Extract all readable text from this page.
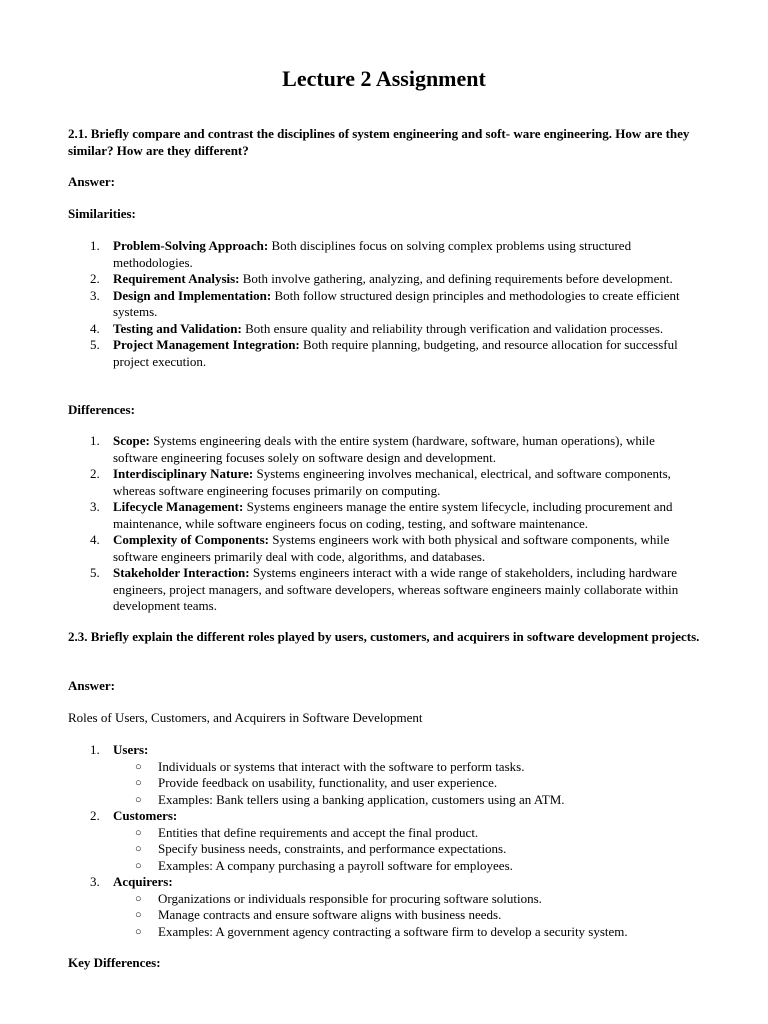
Lecture 2 Assignment

2.1. Briefly compare and contrast the disciplines of system engineering and soft- ware engineering. How are they similar? How are they different?

Answer:

Similarities:

1. Problem-Solving Approach: Both disciplines focus on solving complex problems using structured methodologies.
2. Requirement Analysis: Both involve gathering, analyzing, and defining requirements before development.
3. Design and Implementation: Both follow structured design principles and methodologies to create efficient systems.
4. Testing and Validation: Both ensure quality and reliability through verification and validation processes.
5. Project Management Integration: Both require planning, budgeting, and resource allocation for successful project execution.

Differences:

1. Scope: Systems engineering deals with the entire system (hardware, software, human operations), while software engineering focuses solely on software design and development.
2. Interdisciplinary Nature: Systems engineering involves mechanical, electrical, and software components, whereas software engineering focuses primarily on computing.
3. Lifecycle Management: Systems engineers manage the entire system lifecycle, including procurement and maintenance, while software engineers focus on coding, testing, and software maintenance.
4. Complexity of Components: Systems engineers work with both physical and software components, while software engineers primarily deal with code, algorithms, and databases.
5. Stakeholder Interaction: Systems engineers interact with a wide range of stakeholders, including hardware engineers, project managers, and software developers, whereas software engineers mainly collaborate within development teams.

2.3. Briefly explain the different roles played by users, customers, and acquirers in software development projects.

Answer:

Roles of Users, Customers, and Acquirers in Software Development

1. Users:
○ Individuals or systems that interact with the software to perform tasks.
○ Provide feedback on usability, functionality, and user experience.
○ Examples: Bank tellers using a banking application, customers using an ATM.
2. Customers:
○ Entities that define requirements and accept the final product.
○ Specify business needs, constraints, and performance expectations.
○ Examples: A company purchasing a payroll software for employees.
3. Acquirers:
○ Organizations or individuals responsible for procuring software solutions.
○ Manage contracts and ensure software aligns with business needs.
○ Examples: A government agency contracting a software firm to develop a security system.

Key Differences:
